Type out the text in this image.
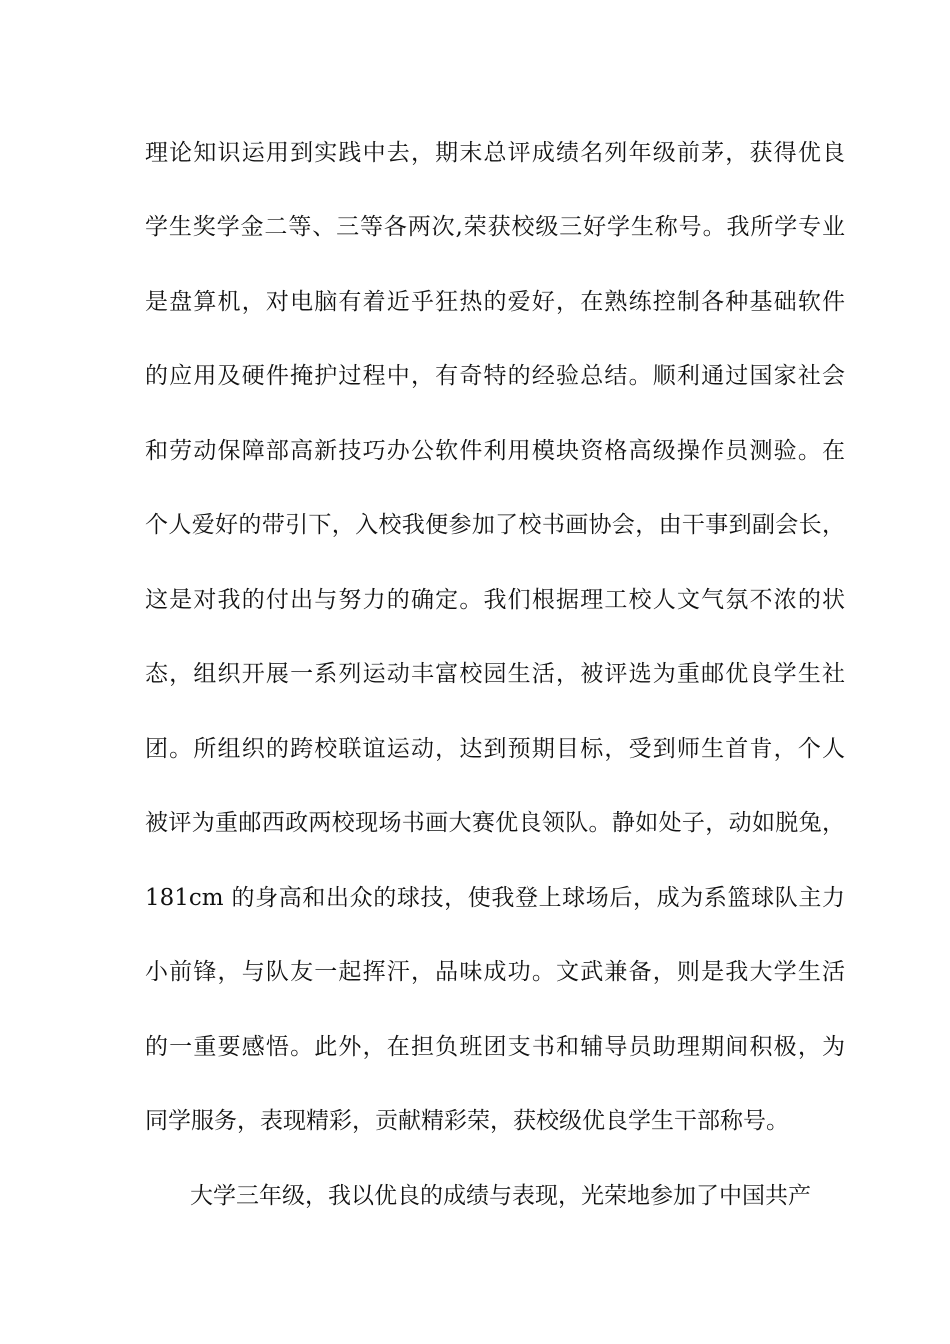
理论知识运用到实践中去，期末总评成绩名列年级前茅，获得优良
学生奖学金二等、三等各两次,荣获校级三好学生称号。我所学专业
是盘算机，对电脑有着近乎狂热的爱好，在熟练控制各种基础软件
的应用及硬件掩护过程中，有奇特的经验总结。顺利通过国家社会
和劳动保障部高新技巧办公软件利用模块资格高级操作员测验。在
个人爱好的带引下，入校我便参加了校书画协会，由干事到副会长，
这是对我的付出与努力的确定。我们根据理工校人文气氛不浓的状
态，组织开展一系列运动丰富校园生活，被评选为重邮优良学生社
团。所组织的跨校联谊运动，达到预期目标，受到师生首肯，个人
被评为重邮西政两校现场书画大赛优良领队。静如处子，动如脱兔，
181cm 的身高和出众的球技，使我登上球场后，成为系篮球队主力
小前锋，与队友一起挥汗，品味成功。文武兼备，则是我大学生活
的一重要感悟。此外，在担负班团支书和辅导员助理期间积极，为
同学服务，表现精彩，贡献精彩荣，获校级优良学生干部称号。
大学三年级，我以优良的成绩与表现，光荣地参加了中国共产
